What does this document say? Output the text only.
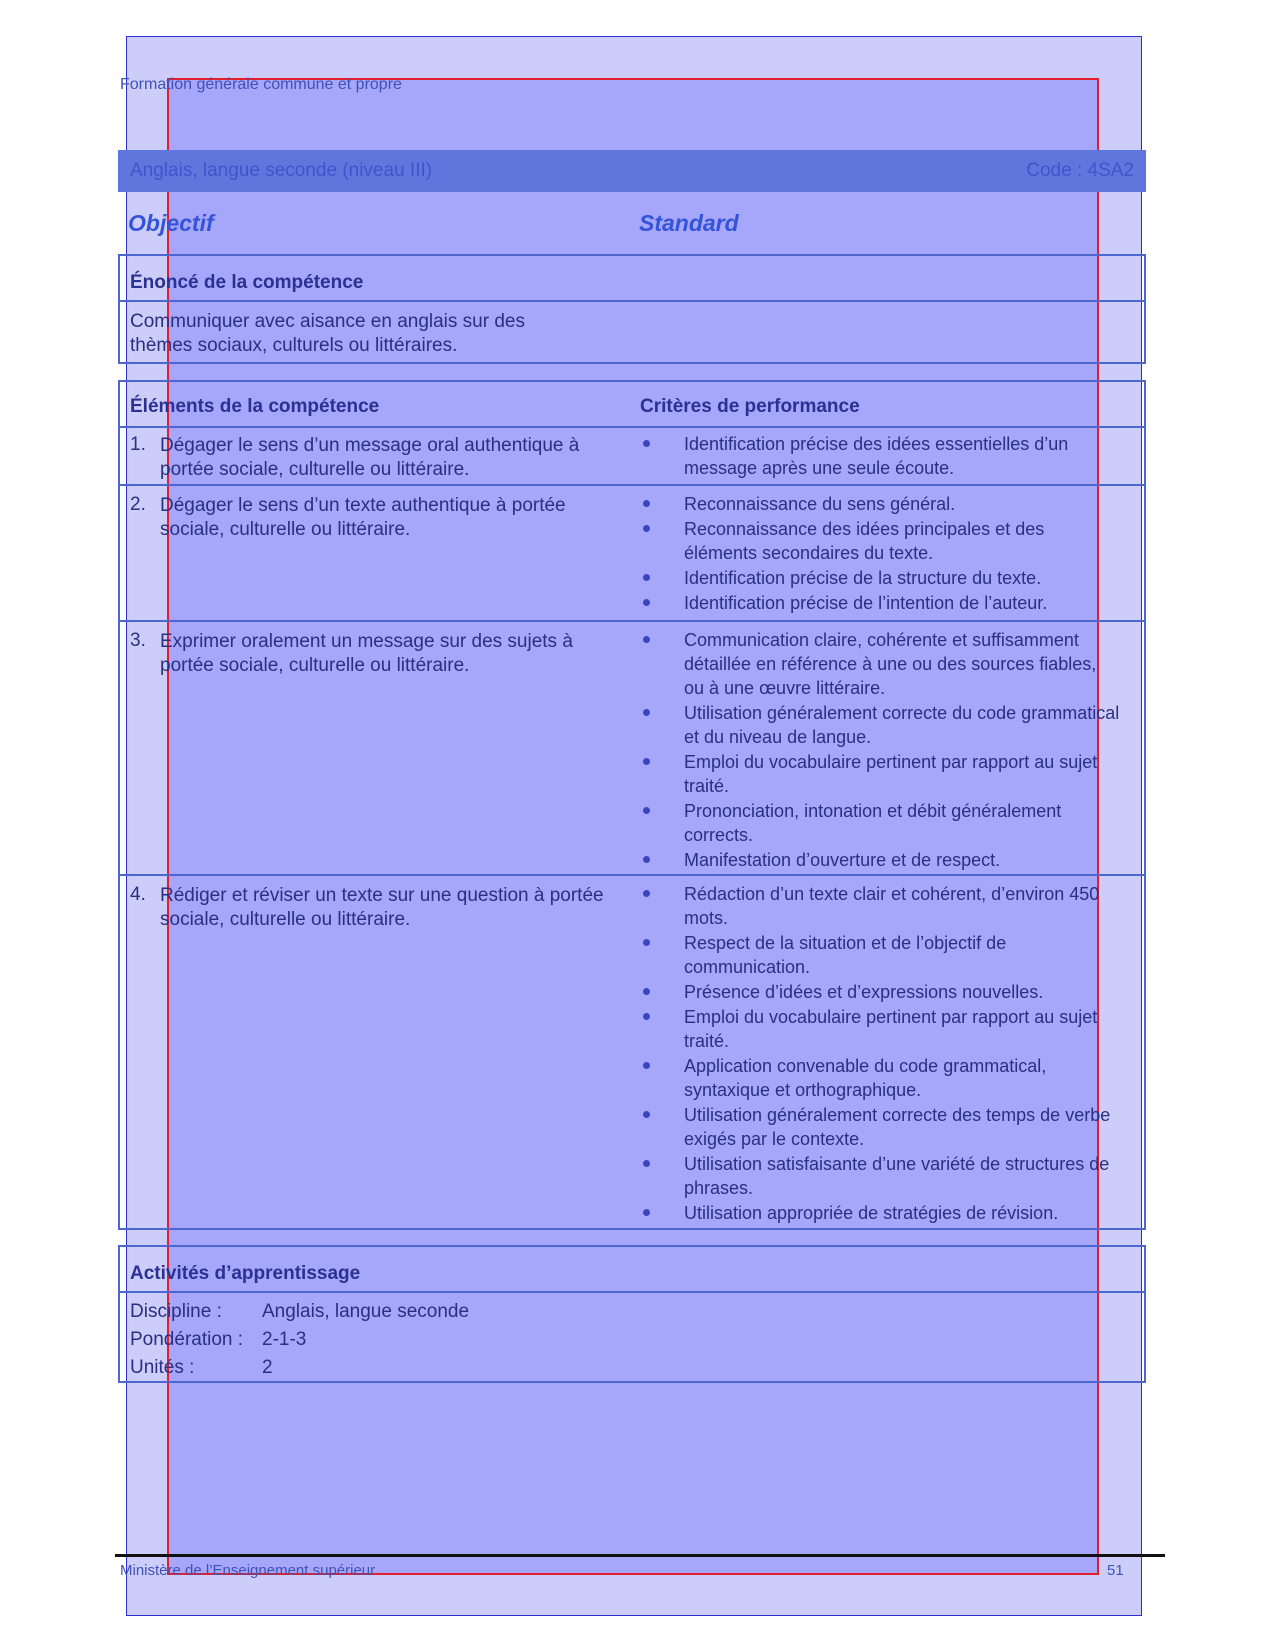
Formation générale commune et propre
Anglais, langue seconde (niveau III)	Code : 4SA2
Objectif	Standard
Énoncé de la compétence
Communiquer avec aisance en anglais sur des thèmes sociaux, culturels ou littéraires.
Éléments de la compétence	Critères de performance
1. Dégager le sens d’un message oral authentique à portée sociale, culturelle ou littéraire.
Identification précise des idées essentielles d’un message après une seule écoute.
2. Dégager le sens d’un texte authentique à portée sociale, culturelle ou littéraire.
Reconnaissance du sens général.
Reconnaissance des idées principales et des éléments secondaires du texte.
Identification précise de la structure du texte.
Identification précise de l’intention de l’auteur.
3. Exprimer oralement un message sur des sujets à portée sociale, culturelle ou littéraire.
Communication claire, cohérente et suffisamment détaillée en référence à une ou des sources fiables, ou à une œuvre littéraire.
Utilisation généralement correcte du code grammatical et du niveau de langue.
Emploi du vocabulaire pertinent par rapport au sujet traité.
Prononciation, intonation et débit généralement corrects.
Manifestation d’ouverture et de respect.
4. Rédiger et réviser un texte sur une question à portée sociale, culturelle ou littéraire.
Rédaction d’un texte clair et cohérent, d’environ 450 mots.
Respect de la situation et de l’objectif de communication.
Présence d’idées et d’expressions nouvelles.
Emploi du vocabulaire pertinent par rapport au sujet traité.
Application convenable du code grammatical, syntaxique et orthographique.
Utilisation généralement correcte des temps de verbe exigés par le contexte.
Utilisation satisfaisante d’une variété de structures de phrases.
Utilisation appropriée de stratégies de révision.
Activités d’apprentissage
Discipline : Anglais, langue seconde
Pondération : 2-1-3
Unités :	2
Ministère de l’Enseignement supérieur	51
